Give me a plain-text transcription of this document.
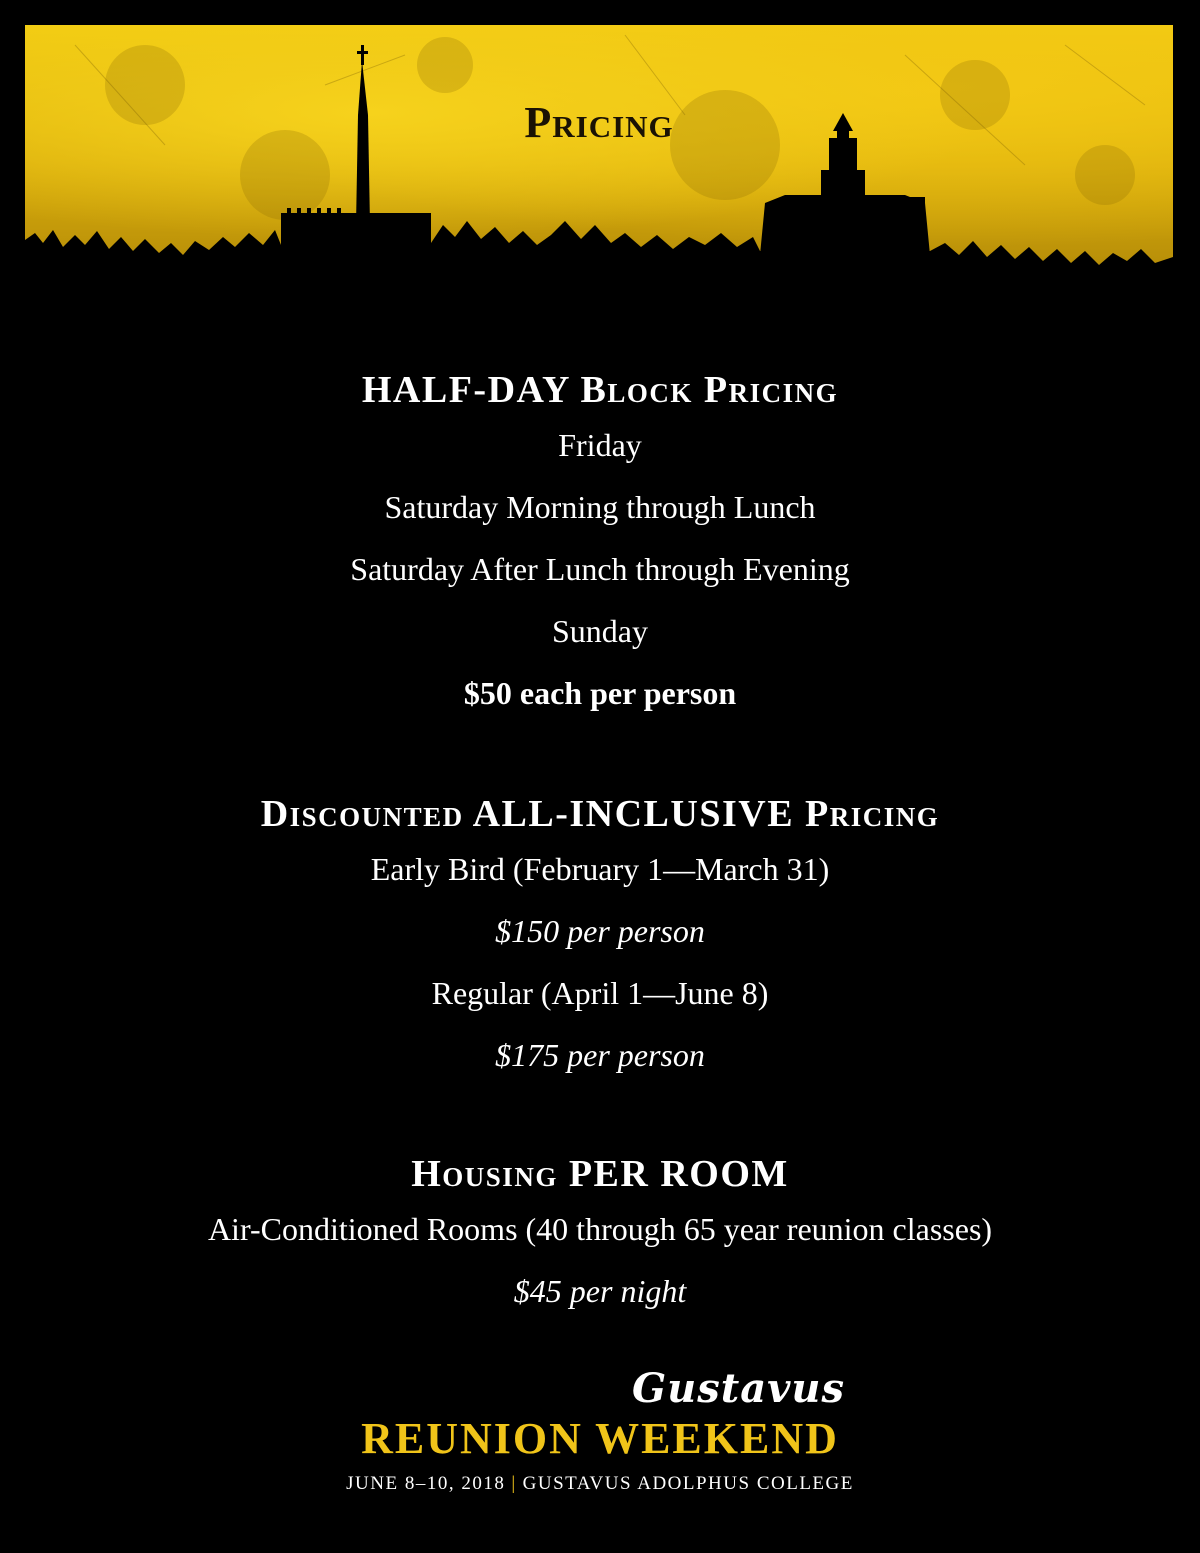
Pricing

HALF-DAY Block Pricing

Friday

Saturday Morning through Lunch

Saturday After Lunch through Evening

Sunday

$50 each per person

Discounted ALL-INCLUSIVE Pricing

Early Bird (February 1—March 31)

$150 per person

Regular (April 1—June 8)

$175 per person

Housing PER ROOM

Air-Conditioned Rooms (40 through 65 year reunion classes)

$45 per night

Gustavus
REUNION WEEKEND
JUNE 8–10, 2018 | GUSTAVUS ADOLPHUS COLLEGE
